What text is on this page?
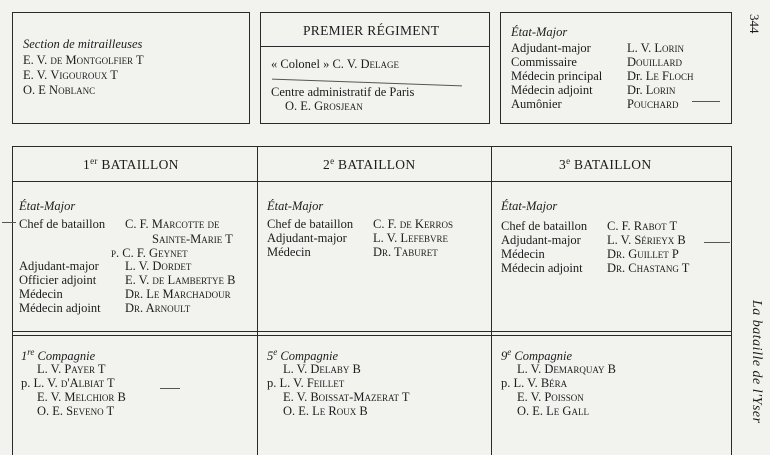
344
La bataille de l'Yser
Section de mitrailleuses
E. V. de Montgolfier T
E. V. Vigouroux T
O. E Noblanc
PREMIER RÉGIMENT
« Colonel » C. V. Delage
Centre administratif de Paris
O. E. Grosjean
État-Major
Adjudant-major	L. V. Lorin
Commissaire	Douillard
Médecin principal Dr. Le Floch
Médecin adjoint	Dr. Lorin
Aumônier	Pouchard
1er BATAILLON
État-Major
Chef de bataillon C. F. Marcotte de
Sainte-Marie T
p. C. F. Geynet
Adjudant-major L. V. Dordet
Officier adjoint E. V. de Lambertye B
Médecin	Dr. Le Marchadour
Médecin adjoint Dr. Arnoult
1re Compagnie
L. V. Payer T
p. L. V. d'Albiat T
E. V. Melchior B
O. E. Seveno T
2e BATAILLON
État-Major
Chef de bataillon C. F. de Kerros
Adjudant-major L. V. Lefebvre
Médecin	Dr. Taburet
5e Compagnie
L. V. Delaby B
p. L. V. Feillet
E. V. Boissat-Mazerat T
O. E. Le Roux B
3e BATAILLON
État-Major
Chef de bataillon C. F. Rabot T
Adjudant-major L. V. Sérieyx B
Médecin	Dr. Guillet P
Médecin adjoint Dr. Chastang T
9e Compagnie
L. V. Demarquay B
p. L. V. Béra
E. V. Poisson
O. E. Le Gall
